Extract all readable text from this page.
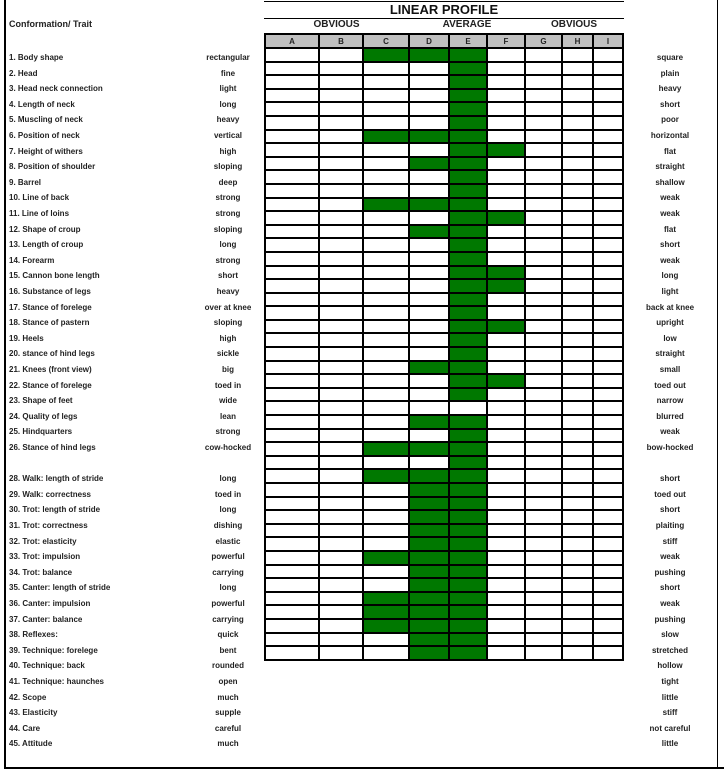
LINEAR PROFILE
OBVIOUS	AVERAGE	OBVIOUS
Conformation/ Trait
A	B	C	D	E	F	G	H	I

1. Body shape	rectangular	square
2. Head	fine	plain
3. Head neck connection	light	heavy
4. Length of neck	long	short
5. Muscling of neck	heavy	poor
6. Position of neck	vertical	horizontal
7. Height of withers	high	flat
8. Position of shoulder	sloping	straight
9. Barrel	deep	shallow
10. Line of back	strong	weak
11. Line of loins	strong	weak
12. Shape of croup	sloping	flat
13. Length of croup	long	short
14. Forearm	strong	weak
15. Cannon bone length	short	long
16. Substance of legs	heavy	light
17. Stance of forelege	over at knee	back at knee
18. Stance of pastern	sloping	upright
19. Heels	high	low
20. stance of hind legs	sickle	straight
21. Knees (front view)	big	small
22. Stance of forelege	toed in	toed out
23. Shape of feet	wide	narrow
24. Quality of legs	lean	blurred
25. Hindquarters	strong	weak
26. Stance of hind legs	cow-hocked	bow-hocked
28. Walk: length of stride	long	short
29. Walk: correctness	toed in	toed out
30. Trot: length of stride	long	short
31. Trot: correctness	dishing	plaiting
32. Trot: elasticity	elastic	stiff
33. Trot: impulsion	powerful	weak
34. Trot: balance	carrying	pushing
35. Canter: length of stride	long	short
36. Canter: impulsion	powerful	weak
37. Canter: balance	carrying	pushing
38. Reflexes:	quick	slow
39. Technique: forelege	bent	stretched
40. Technique: back	rounded	hollow
41. Technique: haunches	open	tight
42. Scope	much	little
43. Elasticity	supple	stiff
44. Care	careful	not careful
45. Attitude	much	little
